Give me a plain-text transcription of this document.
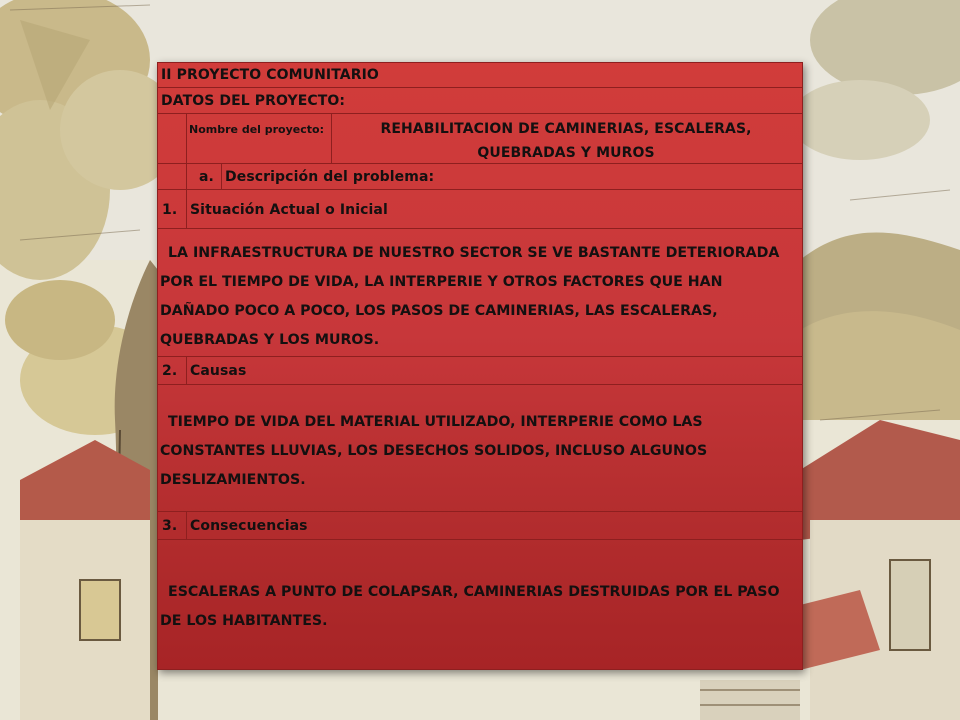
II PROYECTO COMUNITARIO
DATOS DEL PROYECTO:
Nombre del proyecto:	REHABILITACION DE CAMINERIAS, ESCALERAS, QUEBRADAS Y MUROS
a. Descripción del problema:
1. Situación Actual o Inicial
LA INFRAESTRUCTURA DE NUESTRO SECTOR SE VE BASTANTE DETERIORADA POR EL TIEMPO DE VIDA, LA INTERPERIE Y OTROS FACTORES QUE HAN DAÑADO POCO A POCO, LOS PASOS DE CAMINERIAS, LAS ESCALERAS, QUEBRADAS Y LOS MUROS.
2. Causas
TIEMPO DE VIDA DEL MATERIAL UTILIZADO, INTERPERIE COMO LAS CONSTANTES LLUVIAS, LOS DESECHOS SOLIDOS, INCLUSO ALGUNOS DESLIZAMIENTOS.
3. Consecuencias
ESCALERAS A PUNTO DE COLAPSAR, CAMINERIAS DESTRUIDAS POR EL PASO DE LOS HABITANTES.
